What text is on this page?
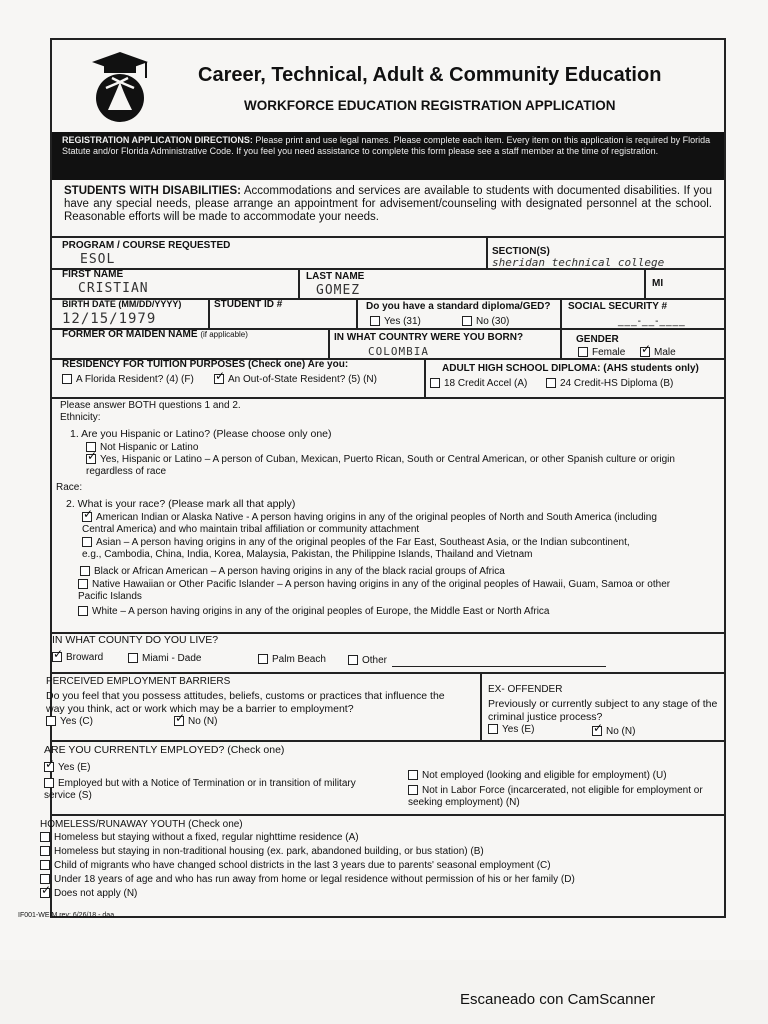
Career, Technical, Adult & Community Education
WORKFORCE EDUCATION REGISTRATION APPLICATION
REGISTRATION APPLICATION DIRECTIONS: Please print and use legal names. Please complete each item. Every item on this application is required by Florida Statute and/or Florida Administrative Code. If you feel you need assistance to complete this form please see a staff member at the time of registration.
STUDENTS WITH DISABILITIES: Accommodations and services are available to students with documented disabilities. If you have any special needs, please arrange an appointment for advisement/counseling with designated personnel at the school. Reasonable efforts will be made to accommodate your needs.
PROGRAM / COURSE REQUESTED
ESOL
SECTION(S)
sheridan technical college
FIRST NAME
CRISTIAN
LAST NAME
GOMEZ	MI
BIRTH DATE (MM/DD/YYYY)
12/15/1979
STUDENT ID #	Do you have a standard diploma/GED?
Yes (31)	No (30)
SOCIAL SECURITY #
___-__-____
FORMER OR MAIDEN NAME (if applicable)	IN WHAT COUNTRY WERE YOU BORN?
COLOMBIA
GENDER
Female ✓	Male
RESIDENCY FOR TUITION PURPOSES (Check one) Are you:
A Florida Resident? (4) (F) ✓	An Out-of-State Resident? (5) (N)
ADULT HIGH SCHOOL DIPLOMA: (AHS students only)
18 Credit Accel (A)	24 Credit-HS Diploma (B)
Please answer BOTH questions 1 and 2.
Ethnicity:
1. Are you Hispanic or Latino? (Please choose only one)
Not Hispanic or Latino
✓Yes, Hispanic or Latino – A person of Cuban, Mexican, Puerto Rican, South or Central American, or other Spanish culture or origin regardless of race
Race:
2. What is your race? (Please mark all that apply)
✓American Indian or Alaska Native - A person having origins in any of the original peoples of North and South America (including Central America) and who maintain tribal affiliation or community attachment
Asian – A person having origins in any of the original peoples of the Far East, Southeast Asia, or the Indian subcontinent, e.g., Cambodia, China, India, Korea, Malaysia, Pakistan, the Philippine Islands, Thailand and Vietnam
Black or African American – A person having origins in any of the black racial groups of Africa
Native Hawaiian or Other Pacific Islander – A person having origins in any of the original peoples of Hawaii, Guam, Samoa or other Pacific Islands
White – A person having origins in any of the original peoples of Europe, the Middle East or North Africa
IN WHAT COUNTY DO YOU LIVE?
✓Broward	Miami - Dade	Palm Beach	Other
PERCEIVED EMPLOYMENT BARRIERS
Do you feel that you possess attitudes, beliefs, customs or practices that influence the way you think, act or work which may be a barrier to employment?
Yes (C) ✓	No (N)
EX- OFFENDER
Previously or currently subject to any stage of the criminal justice process?
Yes (E) ✓	No (N)
ARE YOU CURRENTLY EMPLOYED? (Check one)
✓Yes (E)
Employed but with a Notice of Termination or in transition of military service (S)
Not employed (looking and eligible for employment) (U)
Not in Labor Force (incarcerated, not eligible for employment or seeking employment) (N)
HOMELESS/RUNAWAY YOUTH (Check one)
Homeless but staying without a fixed, regular nighttime residence (A)
Homeless but staying in non-traditional housing (ex. park, abandoned building, or bus station) (B)
Child of migrants who have changed school districts in the last 3 years due to parents' seasonal employment (C)
Under 18 years of age and who has run away from home or legal residence without permission of his or her family (D)
✓Does not apply (N)
IF001-WEIM rev: 6/26/18 - daa
Escaneado con CamScanner
